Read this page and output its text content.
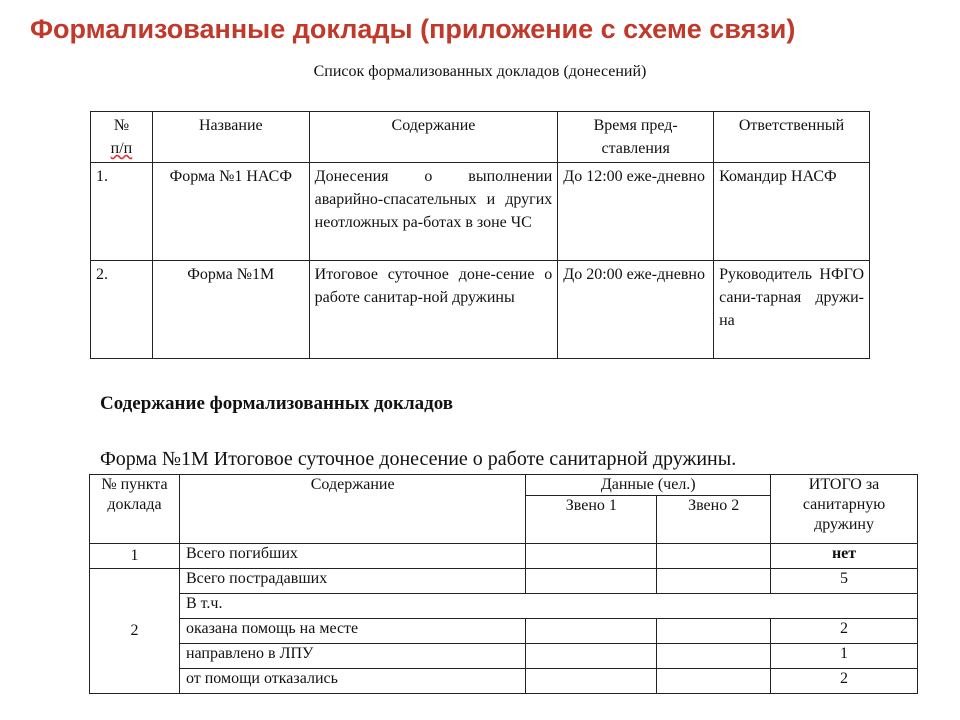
Формализованные доклады (приложение с схеме связи)
Список формализованных докладов (донесений)
№
п/п	Название	Содержание	Время пред-ставления	Ответственный
1.	Форма №1 НАСФ	Донесения о выполнении аварийно-спасательных и других неотложных ра-ботах в зоне ЧС	До 12:00 еже-дневно	Командир НАСФ
2.	Форма №1М	Итоговое суточное доне-сение о работе санитар-ной дружины	До 20:00 еже-дневно	Руководитель НФГО сани-тарная дружи-на
Содержание формализованных докладов
Форма №1М Итоговое суточное донесение о работе санитарной дружины.
№ пункта доклада	Содержание	Данные (чел.)		ИТОГО за санитарную дружину
		Звено 1	Звено 2	
1	Всего погибших			нет
2	Всего пострадавших			5
	В т.ч.			
	оказана помощь на месте			2
	направлено в ЛПУ			1
	от помощи отказались			2
